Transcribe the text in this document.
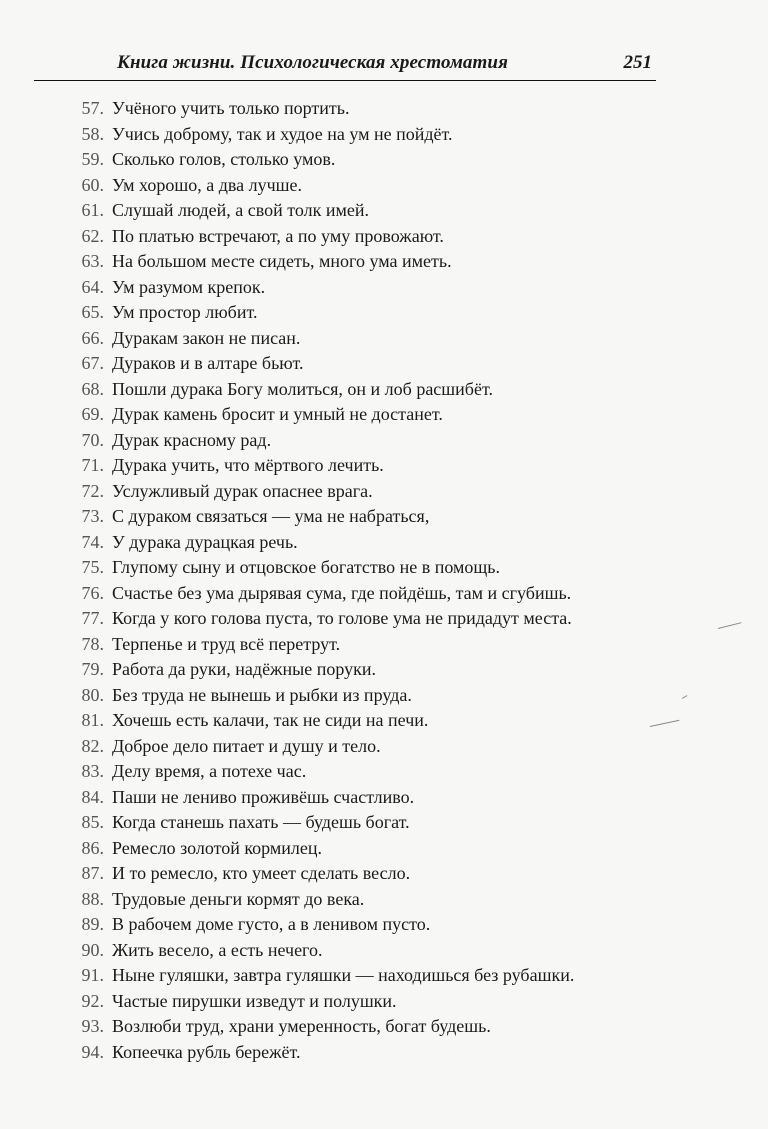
Книга жизни. Психологическая хрестоматия	251
57. Учёного учить только портить.
58. Учись доброму, так и худое на ум не пойдёт.
59. Сколько голов, столько умов.
60. Ум хорошо, а два лучше.
61. Слушай людей, а свой толк имей.
62. По платью встречают, а по уму провожают.
63. На большом месте сидеть, много ума иметь.
64. Ум разумом крепок.
65. Ум простор любит.
66. Дуракам закон не писан.
67. Дураков и в алтаре бьют.
68. Пошли дурака Богу молиться, он и лоб расшибёт.
69. Дурак камень бросит и умный не достанет.
70. Дурак красному рад.
71. Дурака учить, что мёртвого лечить.
72. Услужливый дурак опаснее врага.
73. С дураком связаться — ума не набраться,
74. У дурака дурацкая речь.
75. Глупому сыну и отцовское богатство не в помощь.
76. Счастье без ума дырявая сума, где пойдёшь, там и сгубишь.
77. Когда у кого голова пуста, то голове ума не придадут места.
78. Терпенье и труд всё перетрут.
79. Работа да руки, надёжные поруки.
80. Без труда не вынешь и рыбки из пруда.
81. Хочешь есть калачи, так не сиди на печи.
82. Доброе дело питает и душу и тело.
83. Делу время, а потехе час.
84. Паши не лениво проживёшь счастливо.
85. Когда станешь пахать — будешь богат.
86. Ремесло золотой кормилец.
87. И то ремесло, кто умеет сделать весло.
88. Трудовые деньги кормят до века.
89. В рабочем доме густо, а в ленивом пусто.
90. Жить весело, а есть нечего.
91. Ныне гуляшки, завтра гуляшки — находишься без рубашки.
92. Частые пирушки изведут и полушки.
93. Возлюби труд, храни умеренность, богат будешь.
94. Копеечка рубль бережёт.
